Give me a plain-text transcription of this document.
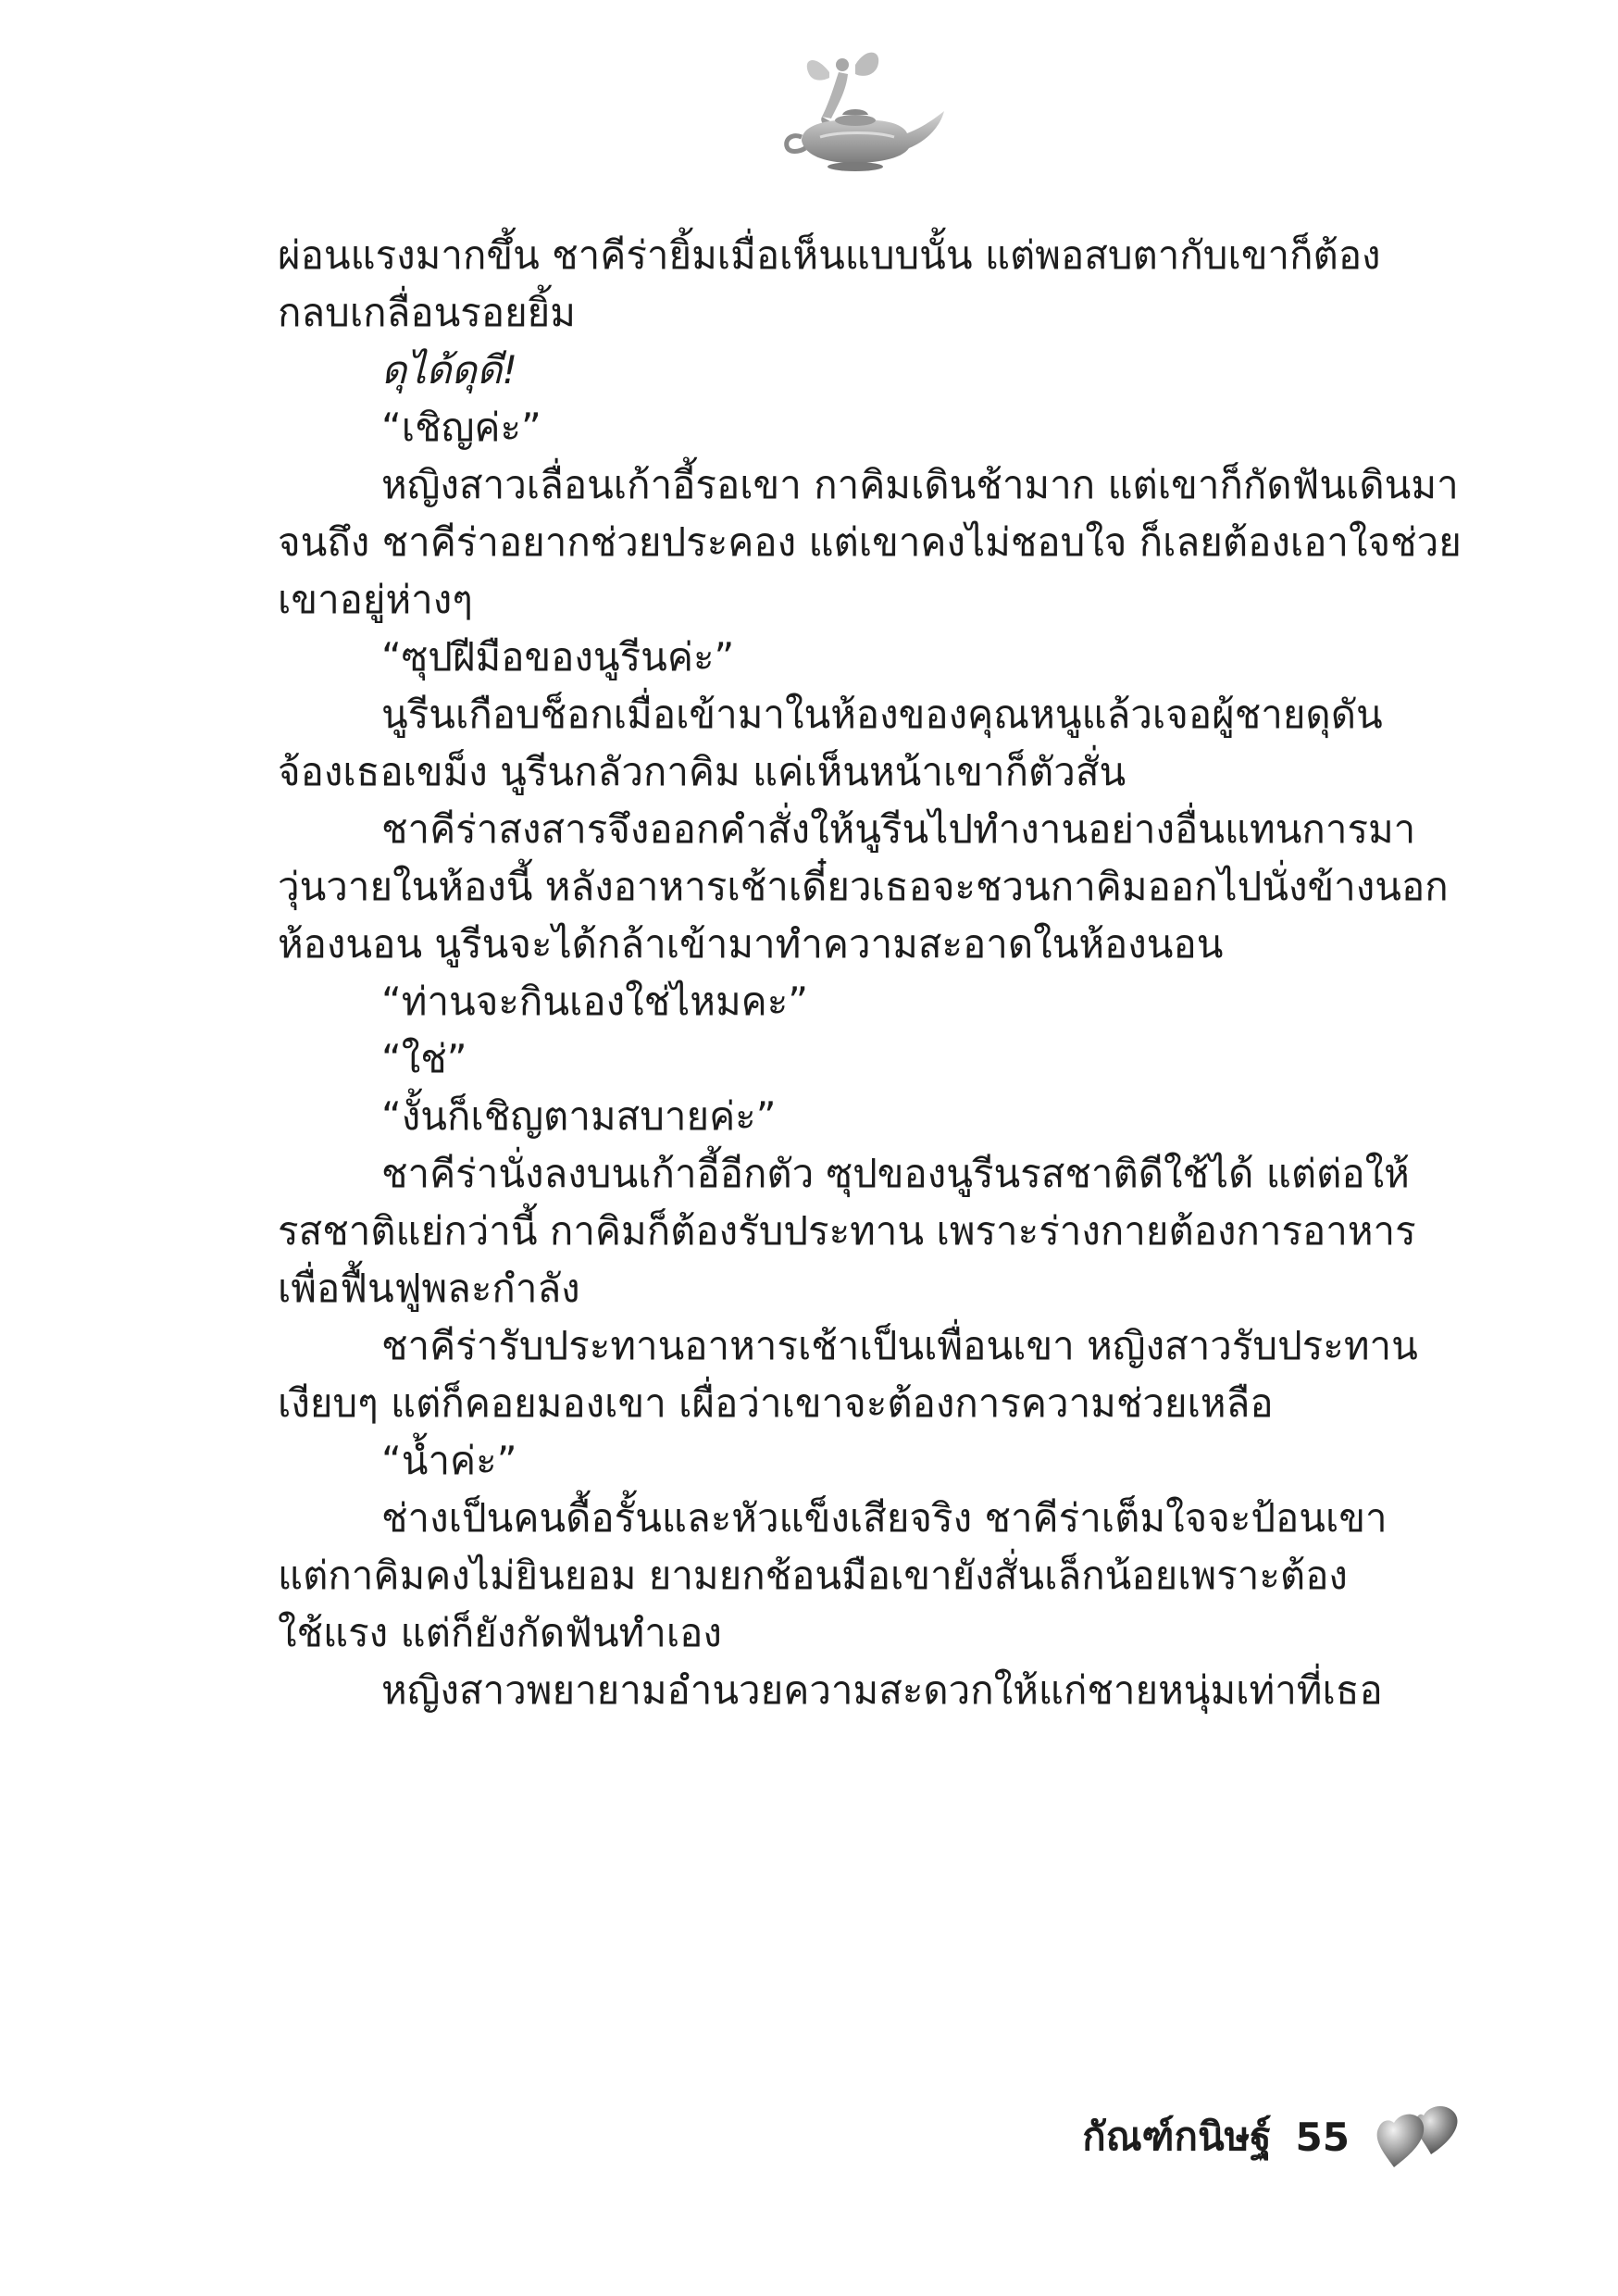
ผ่อนแรงมากขึ้น ชาคีร่ายิ้มเมื่อเห็นแบบนั้น แต่พอสบตากับเขาก็ต้อง

กลบเกลื่อนรอยยิ้ม

ดุได้ดุดี!

“เชิญค่ะ”

หญิงสาวเลื่อนเก้าอี้รอเขา กาคิมเดินช้ามาก แต่เขาก็กัดฟันเดินมา

จนถึง ชาคีร่าอยากช่วยประคอง แต่เขาคงไม่ชอบใจ ก็เลยต้องเอาใจช่วย

เขาอยู่ห่างๆ

“ซุปฝีมือของนูรีนค่ะ”

นูรีนเกือบช็อกเมื่อเข้ามาในห้องของคุณหนูแล้วเจอผู้ชายดุดัน

จ้องเธอเขม็ง นูรีนกลัวกาคิม แค่เห็นหน้าเขาก็ตัวสั่น

ชาคีร่าสงสารจึงออกคำสั่งให้นูรีนไปทำงานอย่างอื่นแทนการมา

วุ่นวายในห้องนี้ หลังอาหารเช้าเดี๋ยวเธอจะชวนกาคิมออกไปนั่งข้างนอก

ห้องนอน นูรีนจะได้กล้าเข้ามาทำความสะอาดในห้องนอน

“ท่านจะกินเองใช่ไหมคะ”

“ใช่”

“งั้นก็เชิญตามสบายค่ะ”

ชาคีร่านั่งลงบนเก้าอี้อีกตัว ซุปของนูรีนรสชาติดีใช้ได้ แต่ต่อให้

รสชาติแย่กว่านี้ กาคิมก็ต้องรับประทาน เพราะร่างกายต้องการอาหาร

เพื่อฟื้นฟูพละกำลัง

ชาคีร่ารับประทานอาหารเช้าเป็นเพื่อนเขา หญิงสาวรับประทาน

เงียบๆ แต่ก็คอยมองเขา เผื่อว่าเขาจะต้องการความช่วยเหลือ

“น้ำค่ะ”

ช่างเป็นคนดื้อรั้นและหัวแข็งเสียจริง ชาคีร่าเต็มใจจะป้อนเขา

แต่กาคิมคงไม่ยินยอม ยามยกช้อนมือเขายังสั่นเล็กน้อยเพราะต้อง

ใช้แรง แต่ก็ยังกัดฟันทำเอง

หญิงสาวพยายามอำนวยความสะดวกให้แก่ชายหนุ่มเท่าที่เธอ

กัณฑ์กนิษฐ์ 55
